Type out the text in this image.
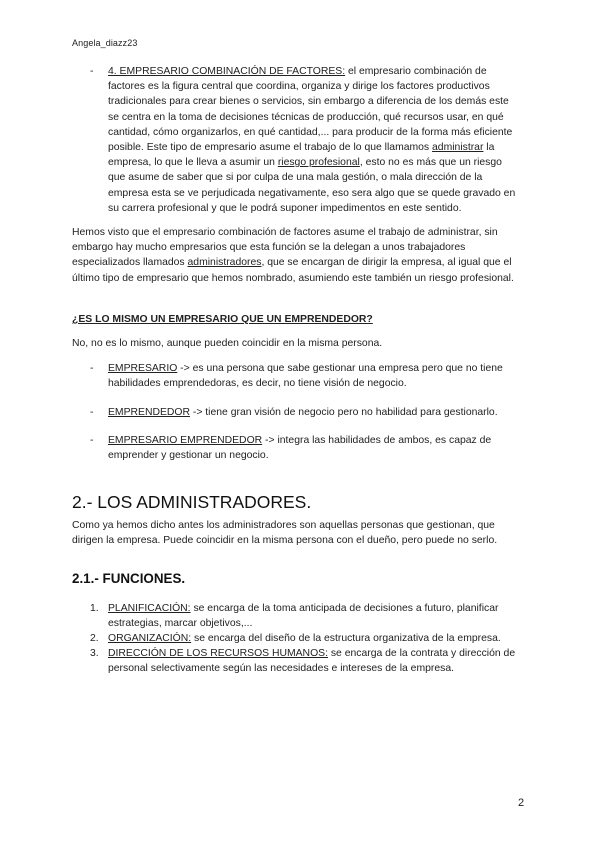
Angela_diazz23
- 4. EMPRESARIO COMBINACIÓN DE FACTORES: el empresario combinación de factores es la figura central que coordina, organiza y dirige los factores productivos tradicionales para crear bienes o servicios, sin embargo a diferencia de los demás este se centra en la toma de decisiones técnicas de producción, qué recursos usar, en qué cantidad, cómo organizarlos, en qué cantidad,... para producir de la forma más eficiente posible. Este tipo de empresario asume el trabajo de lo que llamamos administrar la empresa, lo que le lleva a asumir un riesgo profesional, esto no es más que un riesgo que asume de saber que si por culpa de una mala gestión, o mala dirección de la empresa esta se ve perjudicada negativamente, eso sera algo que se quede gravado en su carrera profesional y que le podrá suponer impedimentos en este sentido.

Hemos visto que el empresario combinación de factores asume el trabajo de administrar, sin embargo hay mucho empresarios que esta función se la delegan a unos trabajadores especializados llamados administradores, que se encargan de dirigir la empresa, al igual que el último tipo de empresario que hemos nombrado, asumiendo este también un riesgo profesional.

¿ES LO MISMO UN EMPRESARIO QUE UN EMPRENDEDOR?

No, no es lo mismo, aunque pueden coincidir en la misma persona.

- EMPRESARIO -> es una persona que sabe gestionar una empresa pero que no tiene habilidades emprendedoras, es decir, no tiene visión de negocio.
- EMPRENDEDOR -> tiene gran visión de negocio pero no habilidad para gestionarlo.
- EMPRESARIO EMPRENDEDOR -> integra las habilidades de ambos, es capaz de emprender y gestionar un negocio.
2.- LOS ADMINISTRADORES.

Como ya hemos dicho antes los administradores son aquellas personas que gestionan, que dirigen la empresa. Puede coincidir en la misma persona con el dueño, pero puede no serlo.

2.1.- FUNCIONES.
1. PLANIFICACIÓN: se encarga de la toma anticipada de decisiones a futuro, planificar estrategias, marcar objetivos,...
2. ORGANIZACIÓN: se encarga del diseño de la estructura organizativa de la empresa.
3. DIRECCIÓN DE LOS RECURSOS HUMANOS: se encarga de la contrata y dirección de personal selectivamente según las necesidades e intereses de la empresa.
2
